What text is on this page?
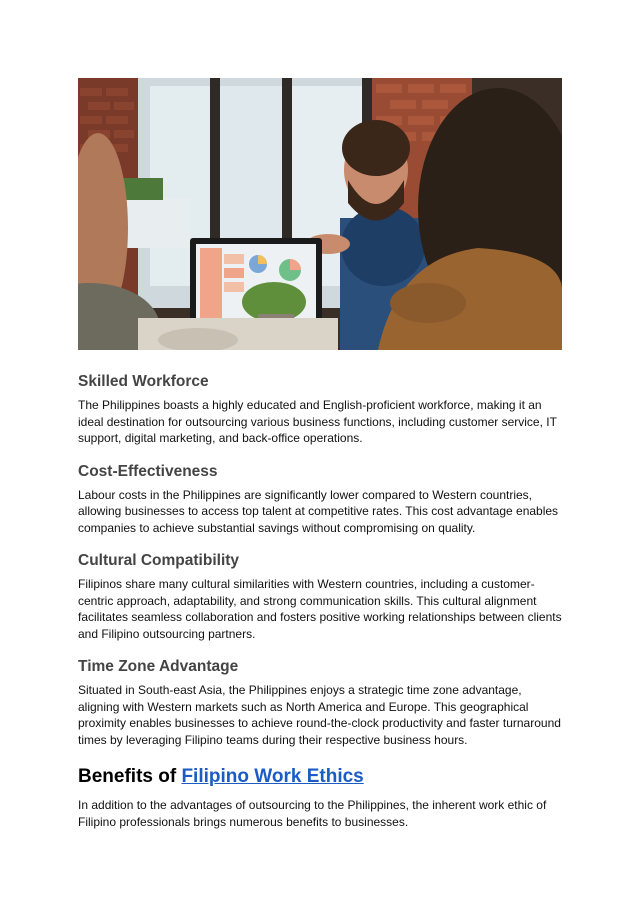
Skilled Workforce

The Philippines boasts a highly educated and English-proficient workforce, making it an ideal destination for outsourcing various business functions, including customer service, IT support, digital marketing, and back-office operations.

Cost-Effectiveness

Labour costs in the Philippines are significantly lower compared to Western countries, allowing businesses to access top talent at competitive rates. This cost advantage enables companies to achieve substantial savings without compromising on quality.

Cultural Compatibility

Filipinos share many cultural similarities with Western countries, including a customer-centric approach, adaptability, and strong communication skills. This cultural alignment facilitates seamless collaboration and fosters positive working relationships between clients and Filipino outsourcing partners.

Time Zone Advantage

Situated in South-east Asia, the Philippines enjoys a strategic time zone advantage, aligning with Western markets such as North America and Europe. This geographical proximity enables businesses to achieve round-the-clock productivity and faster turnaround times by leveraging Filipino teams during their respective business hours.

Benefits of Filipino Work Ethics

In addition to the advantages of outsourcing to the Philippines, the inherent work ethic of Filipino professionals brings numerous benefits to businesses.
